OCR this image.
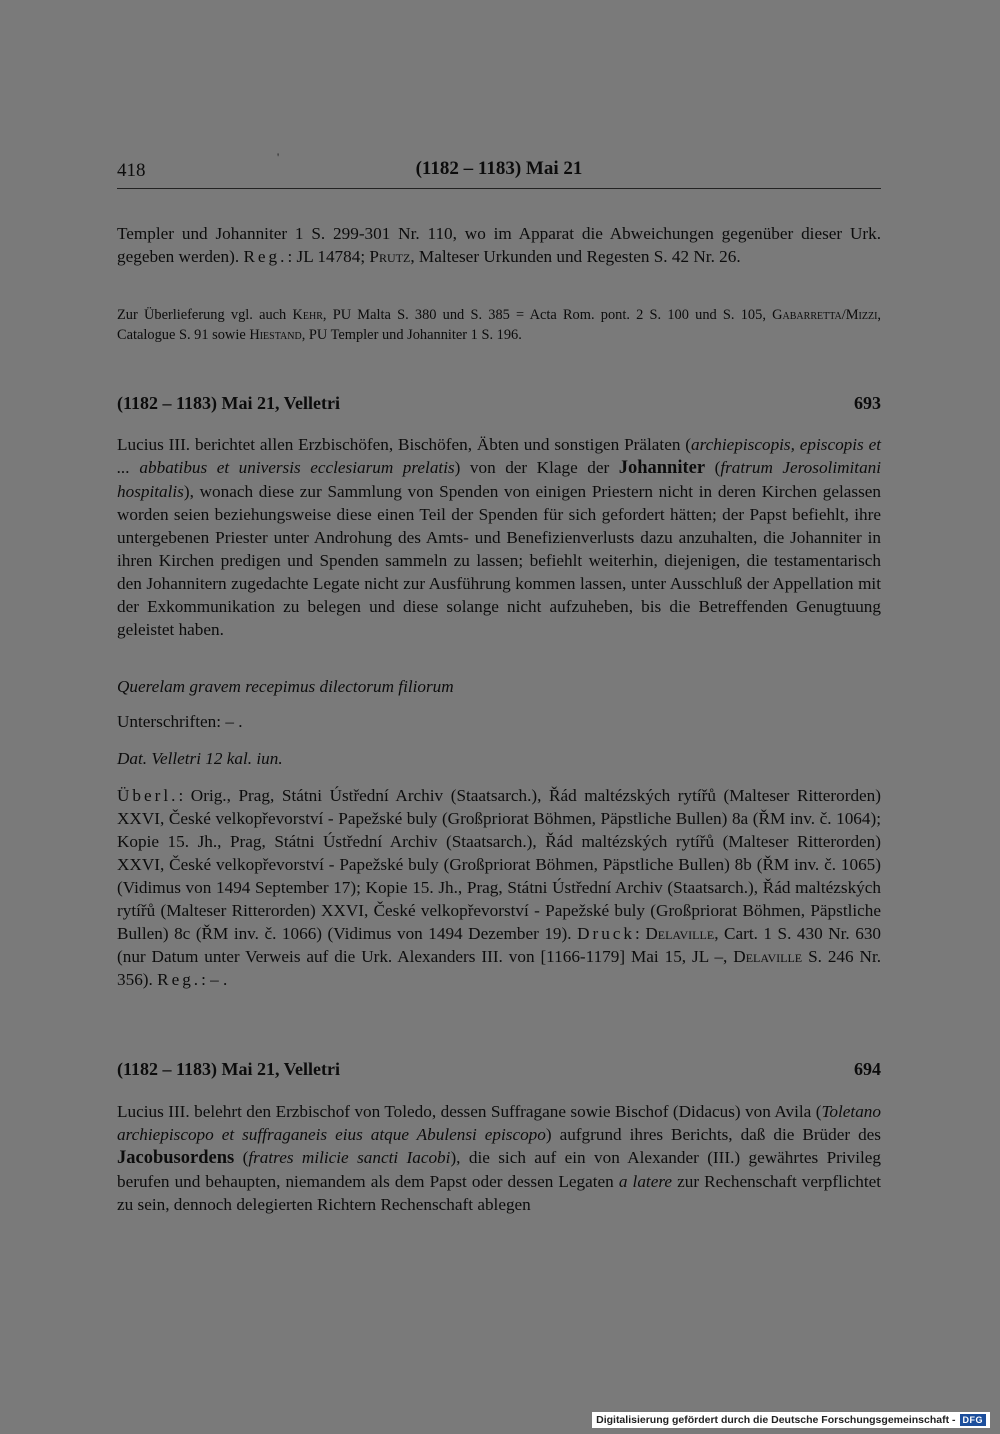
418
'
(1182 – 1183) Mai 21

Templer und Johanniter 1 S. 299-301 Nr. 110, wo im Apparat die Abweichungen gegenüber dieser Urk. gegeben werden). Reg.: JL 14784; Prutz, Malteser Urkunden und Regesten S. 42 Nr. 26.

Zur Überlieferung vgl. auch Kehr, PU Malta S. 380 und S. 385 = Acta Rom. pont. 2 S. 100 und S. 105, Gabarretta/Mizzi, Catalogue S. 91 sowie Hiestand, PU Templer und Johanniter 1 S. 196.

(1182 – 1183) Mai 21, Velletri	693

Lucius III. berichtet allen Erzbischöfen, Bischöfen, Äbten und sonstigen Prälaten (archiepiscopis, episcopis et ... abbatibus et universis ecclesiarum prelatis) von der Klage der Johanniter (fratrum Jerosolimitani hospitalis), wonach diese zur Sammlung von Spenden von einigen Priestern nicht in deren Kirchen gelassen worden seien beziehungsweise diese einen Teil der Spenden für sich gefordert hätten; der Papst befiehlt, ihre untergebenen Priester unter Androhung des Amts- und Benefizienverlusts dazu anzuhalten, die Johanniter in ihren Kirchen predigen und Spenden sammeln zu lassen; befiehlt weiterhin, diejenigen, die testamentarisch den Johannitern zugedachte Legate nicht zur Ausführung kommen lassen, unter Ausschluß der Appellation mit der Exkommunikation zu belegen und diese solange nicht aufzuheben, bis die Betreffenden Genugtuung geleistet haben.

Querelam gravem recepimus dilectorum filiorum

Unterschriften: – .

Dat. Velletri 12 kal. iun.

Überl.: Orig., Prag, Státni Ústřední Archiv (Staatsarch.), Řád maltézských rytířů (Malteser Ritterorden) XXVI, České velkopřevorství - Papežské buly (Großpriorat Böhmen, Päpstliche Bullen) 8a (ŘM inv. č. 1064); Kopie 15. Jh., Prag, Státni Ústřední Archiv (Staatsarch.), Řád maltézských rytířů (Malteser Ritterorden) XXVI, České velkopřevorství - Papežské buly (Großpriorat Böhmen, Päpstliche Bullen) 8b (ŘM inv. č. 1065) (Vidimus von 1494 September 17); Kopie 15. Jh., Prag, Státni Ústřední Archiv (Staatsarch.), Řád maltézských rytířů (Malteser Ritterorden) XXVI, České velkopřevorství - Papežské buly (Großpriorat Böhmen, Päpstliche Bullen) 8c (ŘM inv. č. 1066) (Vidimus von 1494 Dezember 19). Druck: Delaville, Cart. 1 S. 430 Nr. 630 (nur Datum unter Verweis auf die Urk. Alexanders III. von [1166-1179] Mai 15, JL –, Delaville S. 246 Nr. 356). Reg.: – .

(1182 – 1183) Mai 21, Velletri	694

Lucius III. belehrt den Erzbischof von Toledo, dessen Suffragane sowie Bischof (Didacus) von Avila (Toletano archiepiscopo et suffraganeis eius atque Abulensi episcopo) aufgrund ihres Berichts, daß die Brüder des Jacobusordens (fratres milicie sancti Iacobi), die sich auf ein von Alexander (III.) gewährtes Privileg berufen und behaupten, niemandem als dem Papst oder dessen Legaten a latere zur Rechenschaft verpflichtet zu sein, dennoch delegierten Richtern Rechenschaft ablegen

Digitalisierung gefördert durch die Deutsche Forschungsgemeinschaft - DFG
